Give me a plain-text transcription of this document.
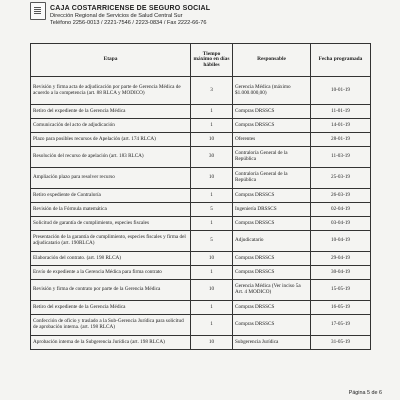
CAJA COSTARRICENSE DE SEGURO SOCIAL
Dirección Regional de Servicios de Salud Central Sur
Teléfono 2256-0013 / 2221-7546 / 2223-0834 / Fax 2222-66-76
Etapa	Tiempo máximo en días hábiles	Responsable	Fecha programada
Revisión y firma acta de adjudicación por parte de Gerencia Médica de acuerdo a la competencia (art. 88 RLCA y MODICO)	3	Gerencia Médica (máximo $1.000.000,00)	10-01-19
Retiro del expediente de la Gerencia Médica	1	Compras DRSSCS	11-01-19
Comunicación del acto de adjudicación	1	Compras DRSSCS	14-01-19
Plazo para posibles recursos de Apelación (art. 174 RLCA)	10	Oferentes	28-01-19
Resolución del recurso de apelación (art. 183 RLCA)	30	Contraloría General de la República	11-03-19
Ampliación plazo para resolver recurso	10	Contraloría General de la República	25-03-19
Retiro expediente de Contraloría	1	Compras DRSSCS	26-03-19
Revisión de la Fórmula matemática	5	Ingeniería DRSSCS	02-04-19
Solicitud de garantía de cumplimiento, especies fiscales	1	Compras DRSSCS	03-04-19
Presentación de la garantía de cumplimiento, especies fiscales y firma del adjudicatario (art. 190RLCA)	5	Adjudicatario	10-04-19
Elaboración del contrato. (art. 198 RLCA)	10	Compras DRSSCS	29-04-19
Envío de expediente a la Gerencia Médica para firma contrato	1	Compras DRSSCS	30-04-19
Revisión y firma de contrato por parte de la Gerencia Médica	10	Gerencia Médica (Ver inciso 5a Art. 4 MODICO)	15-05-19
Retiro del expediente de la Gerencia Médica	1	Compras DRSSCS	16-05-19
Confección de oficio y traslado a la Sub-Gerencia Jurídica para solicitud de aprobación interna. (art. 198 RLCA)	1	Compras DRSSCS	17-05-19
Aprobación interna de la Subgerencia Jurídica (art. 198 RLCA)	10	Subgerencia Jurídica	31-05-19
Página 5 de 6
